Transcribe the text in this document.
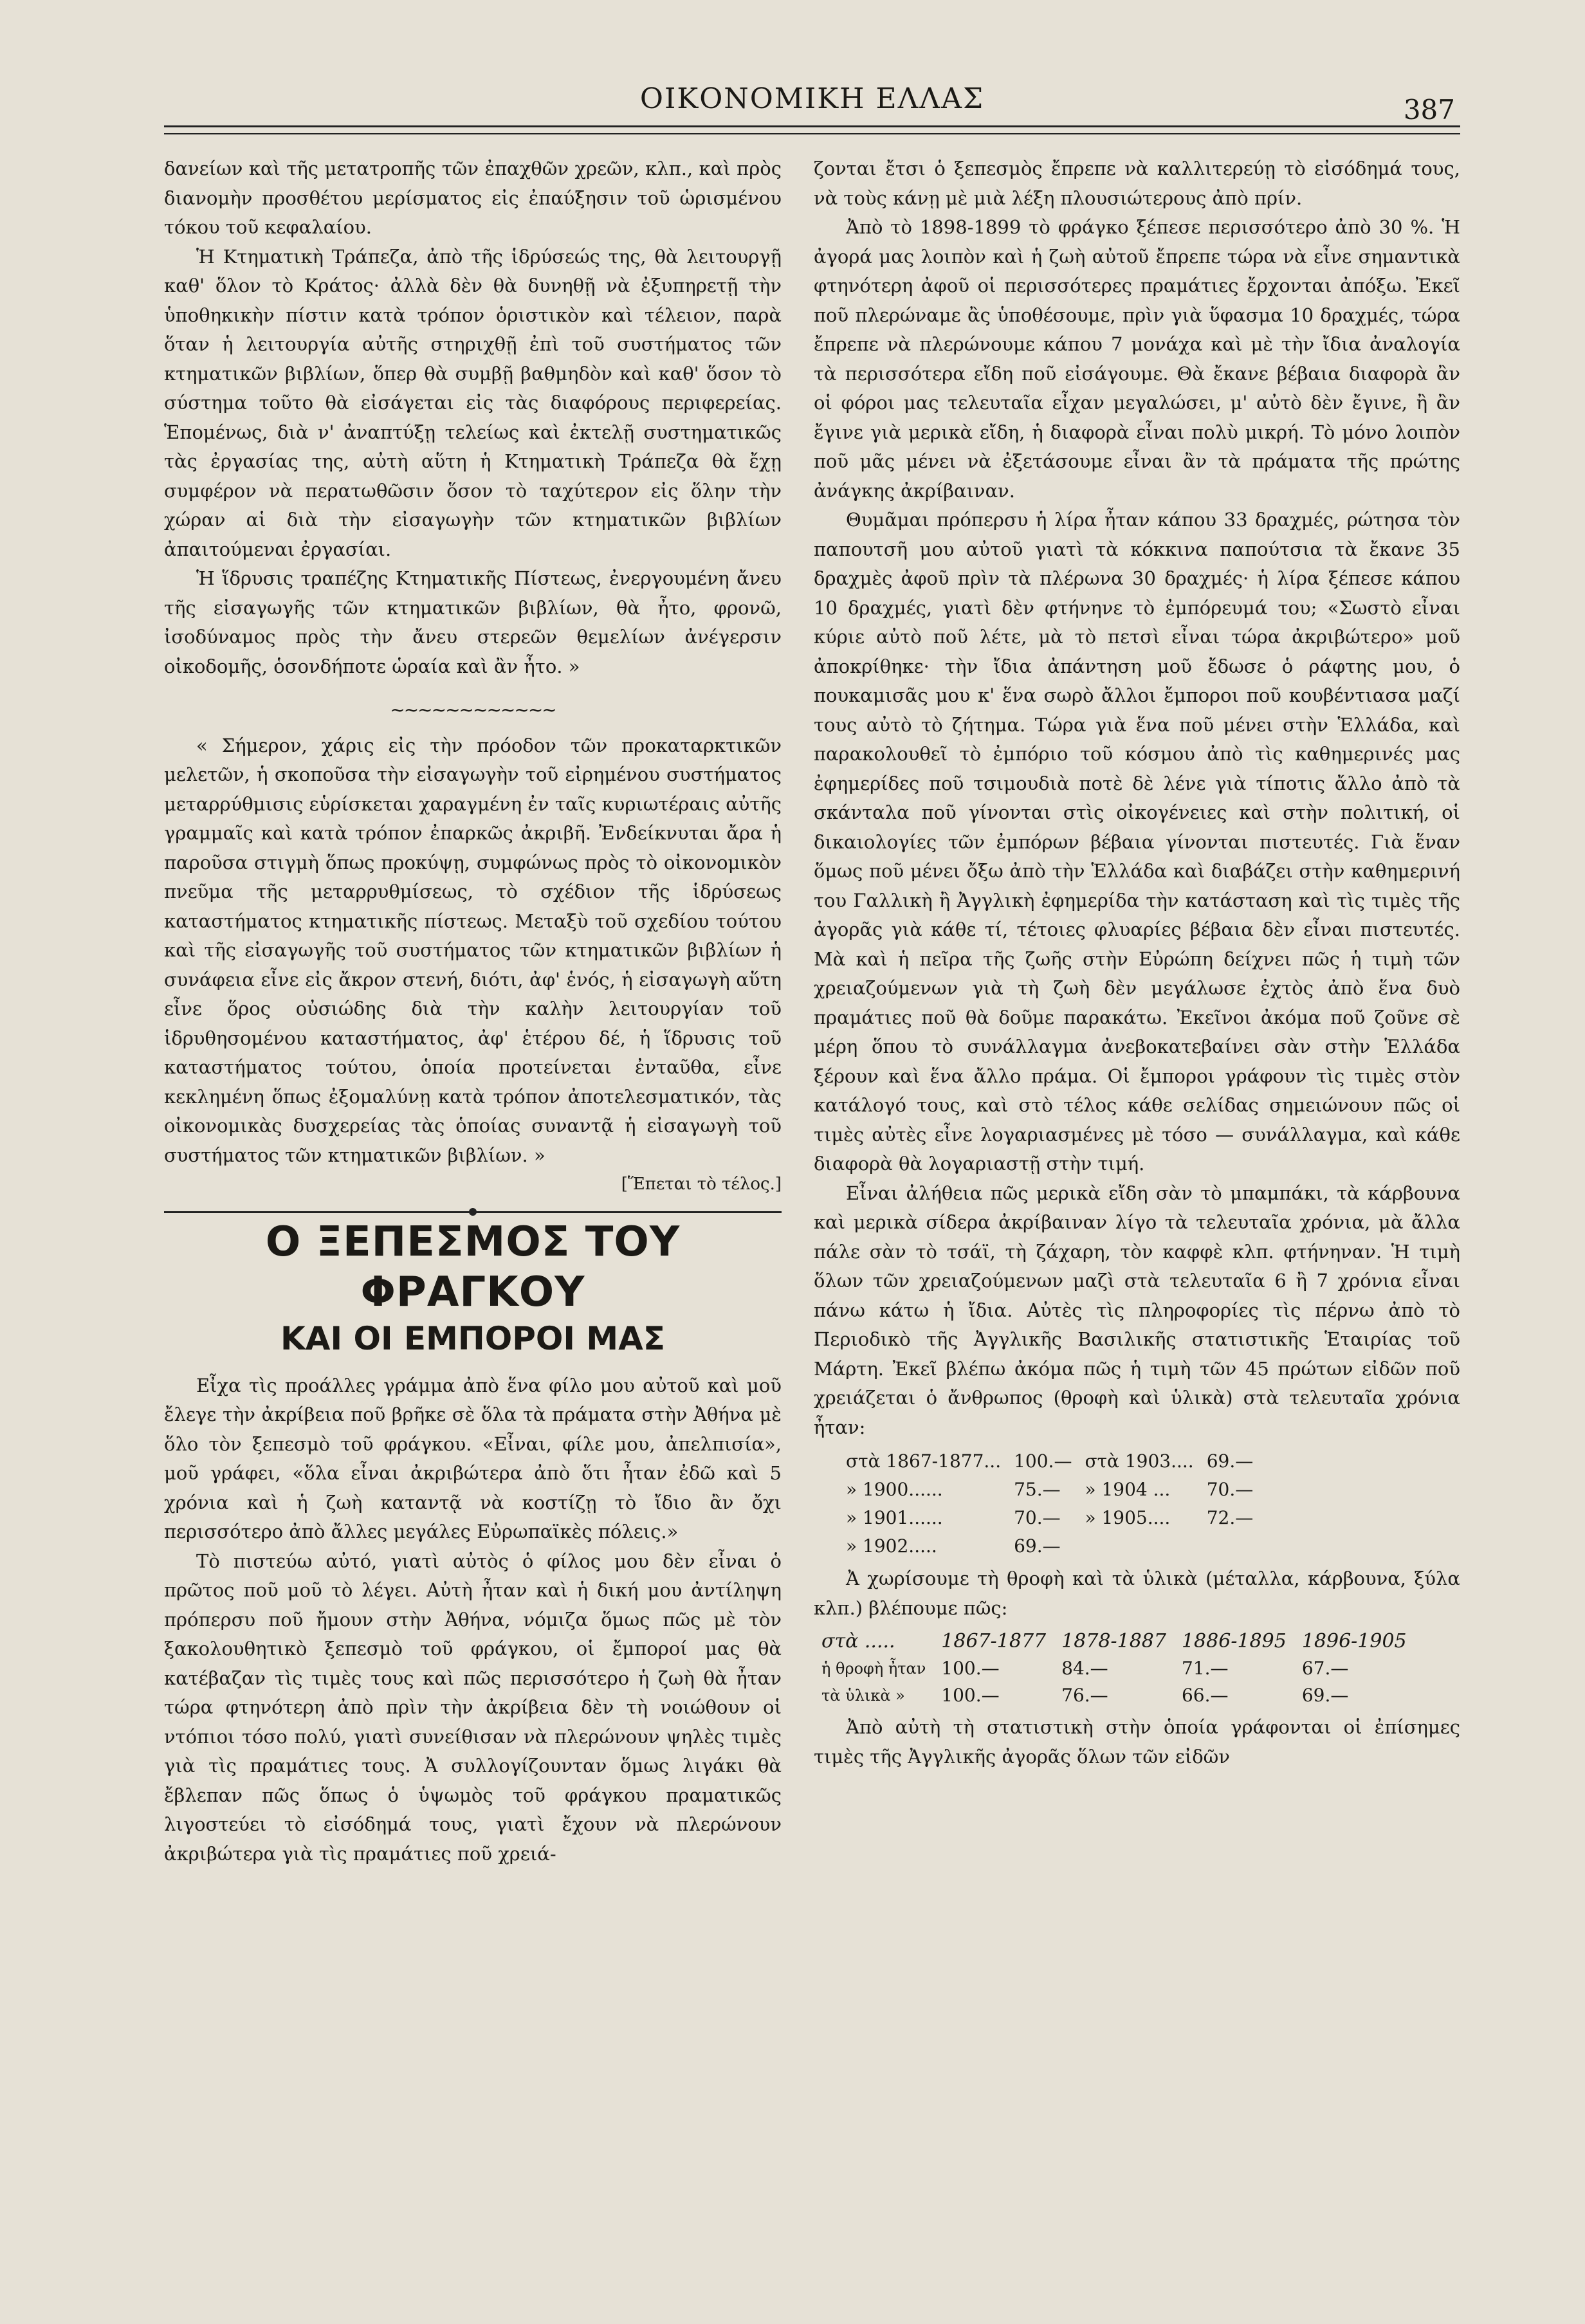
ΟΙΚΟΝΟΜΙΚΗ ΕΛΛΑΣ	387

δανείων καὶ τῆς μετατροπῆς τῶν ἐπαχθῶν χρεῶν, κλπ., καὶ πρὸς διανομὴν προσθέτου μερίσματος εἰς ἐπαύξησιν τοῦ ὡρισμένου τόκου τοῦ κεφαλαίου.

Ἡ Κτηματικὴ Τράπεζα, ἀπὸ τῆς ἱδρύσεώς της, θὰ λειτουργῇ καθ' ὅλον τὸ Κράτος· ἀλλὰ δὲν θὰ δυνηθῇ νὰ ἐξυπηρετῇ τὴν ὑποθηκικὴν πίστιν κατὰ τρόπον ὁριστικὸν καὶ τέλειον, παρὰ ὅταν ἡ λειτουργία αὐτῆς στηριχθῇ ἐπὶ τοῦ συστήματος τῶν κτηματικῶν βιβλίων, ὅπερ θὰ συμβῇ βαθμηδὸν καὶ καθ' ὅσον τὸ σύστημα τοῦτο θὰ εἰσάγεται εἰς τὰς διαφόρους περιφερείας. Ἑπομένως, διὰ ν' ἀναπτύξῃ τελείως καὶ ἐκτελῇ συστηματικῶς τὰς ἐργασίας της, αὐτὴ αὕτη ἡ Κτηματικὴ Τράπεζα θὰ ἔχῃ συμφέρον νὰ περατωθῶσιν ὅσον τὸ ταχύτερον εἰς ὅλην τὴν χώραν αἱ διὰ τὴν εἰσαγωγὴν τῶν κτηματικῶν βιβλίων ἀπαιτούμεναι ἐργασίαι.

Ἡ ἵδρυσις τραπέζης Κτηματικῆς Πίστεως, ἐνεργουμένη ἄνευ τῆς εἰσαγωγῆς τῶν κτηματικῶν βιβλίων, θὰ ἦτο, φρονῶ, ἰσοδύναμος πρὸς τὴν ἄνευ στερεῶν θεμελίων ἀνέγερσιν οἰκοδομῆς, ὁσονδήποτε ὡραία καὶ ἂν ἦτο. »

~~~~~~~~~~~~

« Σήμερον, χάρις εἰς τὴν πρόοδον τῶν προκαταρκτικῶν μελετῶν, ἡ σκοποῦσα τὴν εἰσαγωγὴν τοῦ εἰρημένου συστήματος μεταρρύθμισις εὑρίσκεται χαραγμένη ἐν ταῖς κυριωτέραις αὐτῆς γραμμαῖς καὶ κατὰ τρόπον ἐπαρκῶς ἀκριβῆ. Ἐνδείκνυται ἄρα ἡ παροῦσα στιγμὴ ὅπως προκύψῃ, συμφώνως πρὸς τὸ οἰκονομικὸν πνεῦμα τῆς μεταρρυθμίσεως, τὸ σχέδιον τῆς ἱδρύσεως καταστήματος κτηματικῆς πίστεως. Μεταξὺ τοῦ σχεδίου τούτου καὶ τῆς εἰσαγωγῆς τοῦ συστήματος τῶν κτηματικῶν βιβλίων ἡ συνάφεια εἶνε εἰς ἄκρον στενή, διότι, ἀφ' ἑνός, ἡ εἰσαγωγὴ αὕτη εἶνε ὅρος οὐσιώδης διὰ τὴν καλὴν λειτουργίαν τοῦ ἱδρυθησομένου καταστήματος, ἀφ' ἑτέρου δέ, ἡ ἵδρυσις τοῦ καταστήματος τούτου, ὁποία προτείνεται ἐνταῦθα, εἶνε κεκλημένη ὅπως ἐξομαλύνῃ κατὰ τρόπον ἀποτελεσματικόν, τὰς οἰκονομικὰς δυσχερείας τὰς ὁποίας συναντᾷ ἡ εἰσαγωγὴ τοῦ συστήματος τῶν κτηματικῶν βιβλίων. »

[Ἕπεται τὸ τέλος.]
Ο ΞΕΠΕΣΜΟΣ ΤΟΥ ΦΡΑΓΚΟΥ
ΚΑΙ ΟΙ ΕΜΠΟΡΟΙ ΜΑΣ

Εἶχα τὶς προάλλες γράμμα ἀπὸ ἕνα φίλο μου αὐτοῦ καὶ μοῦ ἔλεγε τὴν ἀκρίβεια ποῦ βρῆκε σὲ ὅλα τὰ πράματα στὴν Ἀθήνα μὲ ὅλο τὸν ξεπεσμὸ τοῦ φράγκου. «Εἶναι, φίλε μου, ἀπελπισία», μοῦ γράφει, «ὅλα εἶναι ἀκριβώτερα ἀπὸ ὅτι ἦταν ἐδῶ καὶ 5 χρόνια καὶ ἡ ζωὴ καταντᾷ νὰ κοστίζῃ τὸ ἴδιο ἂν ὄχι περισσότερο ἀπὸ ἄλλες μεγάλες Εὐρωπαϊκὲς πόλεις.»

Τὸ πιστεύω αὐτό, γιατὶ αὐτὸς ὁ φίλος μου δὲν εἶναι ὁ πρῶτος ποῦ μοῦ τὸ λέγει. Αὐτὴ ἦταν καὶ ἡ δική μου ἀντίληψη πρόπερσυ ποῦ ἤμουν στὴν Ἀθήνα, νόμιζα ὅμως πῶς μὲ τὸν ξακολουθητικὸ ξεπεσμὸ τοῦ φράγκου, οἱ ἔμποροί μας θὰ κατέβαζαν τὶς τιμὲς τους καὶ πῶς περισσότερο ἡ ζωὴ θὰ ἦταν τώρα φτηνότερη ἀπὸ πρὶν τὴν ἀκρίβεια δὲν τὴ νοιώθουν οἱ ντόπιοι τόσο πολύ, γιατὶ συνείθισαν νὰ πλερώνουν ψηλὲς τιμὲς γιὰ τὶς πραμάτιες τους. Ἀ συλλογίζουνταν ὅμως λιγάκι θὰ ἔβλεπαν πῶς ὅπως ὁ ὑψωμὸς τοῦ φράγκου πραματικῶς λιγοστεύει τὸ εἰσόδημά τους, γιατὶ ἔχουν νὰ πλερώνουν ἀκριβώτερα γιὰ τὶς πραμάτιες ποῦ χρειά-

ζονται ἔτσι ὁ ξεπεσμὸς ἔπρεπε νὰ καλλιτερεύῃ τὸ εἰσόδημά τους, νὰ τοὺς κάνῃ μὲ μιὰ λέξη πλουσιώτερους ἀπὸ πρίν.

Ἀπὸ τὸ 1898-1899 τὸ φράγκο ξέπεσε περισσότερο ἀπὸ 30 %. Ἡ ἀγορά μας λοιπὸν καὶ ἡ ζωὴ αὐτοῦ ἔπρεπε τώρα νὰ εἶνε σημαντικὰ φτηνότερη ἀφοῦ οἱ περισσότερες πραμάτιες ἔρχονται ἀπόξω. Ἐκεῖ ποῦ πλερώναμε ἂς ὑποθέσουμε, πρὶν γιὰ ὕφασμα 10 δραχμές, τώρα ἔπρεπε νὰ πλερώνουμε κάπου 7 μονάχα καὶ μὲ τὴν ἴδια ἀναλογία τὰ περισσότερα εἴδη ποῦ εἰσάγουμε. Θὰ ἔκανε βέβαια διαφορὰ ἂν οἱ φόροι μας τελευταῖα εἶχαν μεγαλώσει, μ' αὐτὸ δὲν ἔγινε, ἢ ἂν ἔγινε γιὰ μερικὰ εἴδη, ἡ διαφορὰ εἶναι πολὺ μικρή. Τὸ μόνο λοιπὸν ποῦ μᾶς μένει νὰ ἐξετάσουμε εἶναι ἂν τὰ πράματα τῆς πρώτης ἀνάγκης ἀκρίβαιναν.

Θυμᾶμαι πρόπερσυ ἡ λίρα ἦταν κάπου 33 δραχμές, ρώτησα τὸν παπουτσῆ μου αὐτοῦ γιατὶ τὰ κόκκινα παπούτσια τὰ ἔκανε 35 δραχμὲς ἀφοῦ πρὶν τὰ πλέρωνα 30 δραχμές· ἡ λίρα ξέπεσε κάπου 10 δραχμές, γιατὶ δὲν φτήνηνε τὸ ἐμπόρευμά του; «Σωστὸ εἶναι κύριε αὐτὸ ποῦ λέτε, μὰ τὸ πετσὶ εἶναι τώρα ἀκριβώτερο» μοῦ ἀποκρίθηκε· τὴν ἴδια ἀπάντηση μοῦ ἔδωσε ὁ ράφτης μου, ὁ πουκαμισᾶς μου κ' ἕνα σωρὸ ἄλλοι ἔμποροι ποῦ κουβέντιασα μαζί τους αὐτὸ τὸ ζήτημα. Τώρα γιὰ ἕνα ποῦ μένει στὴν Ἑλλάδα, καὶ παρακολουθεῖ τὸ ἐμπόριο τοῦ κόσμου ἀπὸ τὶς καθημερινές μας ἐφημερίδες ποῦ τσιμουδιὰ ποτὲ δὲ λένε γιὰ τίποτις ἄλλο ἀπὸ τὰ σκάνταλα ποῦ γίνονται στὶς οἰκογένειες καὶ στὴν πολιτική, οἱ δικαιολογίες τῶν ἐμπόρων βέβαια γίνονται πιστευτές. Γιὰ ἕναν ὅμως ποῦ μένει ὄξω ἀπὸ τὴν Ἑλλάδα καὶ διαβάζει στὴν καθημερινή του Γαλλικὴ ἢ Ἀγγλικὴ ἐφημερίδα τὴν κατάσταση καὶ τὶς τιμὲς τῆς ἀγορᾶς γιὰ κάθε τί, τέτοιες φλυαρίες βέβαια δὲν εἶναι πιστευτές. Μὰ καὶ ἡ πεῖρα τῆς ζωῆς στὴν Εὐρώπη δείχνει πῶς ἡ τιμὴ τῶν χρειαζούμενων γιὰ τὴ ζωὴ δὲν μεγάλωσε ἐχτὸς ἀπὸ ἕνα δυὸ πραμάτιες ποῦ θὰ δοῦμε παρακάτω. Ἐκεῖνοι ἀκόμα ποῦ ζοῦνε σὲ μέρη ὅπου τὸ συνάλλαγμα ἀνεβοκατεβαίνει σὰν στὴν Ἑλλάδα ξέρουν καὶ ἕνα ἄλλο πράμα. Οἱ ἔμποροι γράφουν τὶς τιμὲς στὸν κατάλογό τους, καὶ στὸ τέλος κάθε σελίδας σημειώνουν πῶς οἱ τιμὲς αὐτὲς εἶνε λογαριασμένες μὲ τόσο — συνάλλαγμα, καὶ κάθε διαφορὰ θὰ λογαριαστῇ στὴν τιμή.

Εἶναι ἀλήθεια πῶς μερικὰ εἴδη σὰν τὸ μπαμπάκι, τὰ κάρβουνα καὶ μερικὰ σίδερα ἀκρίβαιναν λίγο τὰ τελευταῖα χρόνια, μὰ ἄλλα πάλε σὰν τὸ τσάϊ, τὴ ζάχαρη, τὸν καφφὲ κλπ. φτήνηναν. Ἡ τιμὴ ὅλων τῶν χρειαζούμενων μαζὶ στὰ τελευταῖα 6 ἢ 7 χρόνια εἶναι πάνω κάτω ἡ ἴδια. Αὐτὲς τὶς πληροφορίες τὶς πέρνω ἀπὸ τὸ Περιοδικὸ τῆς Ἀγγλικῆς Βασιλικῆς στατιστικῆς Ἑταιρίας τοῦ Μάρτη. Ἐκεῖ βλέπω ἀκόμα πῶς ἡ τιμὴ τῶν 45 πρώτων εἰδῶν ποῦ χρειάζεται ὁ ἄνθρωπος (θροφὴ καὶ ὑλικὰ) στὰ τελευταῖα χρόνια ἦταν:

στὰ 1867-1877...	100.—	στὰ 1903....	69.—
» 1900......	75.—	» 1904 ...	70.—
» 1901......	70.—	» 1905....	72.—
» 1902.....	69.—		

Ἀ χωρίσουμε τὴ θροφὴ καὶ τὰ ὑλικὰ (μέταλλα, κάρβουνα, ξύλα κλπ.) βλέπουμε πῶς:

στὰ .....	1867-1877	1878-1887	1886-1895	1896-1905
ἡ θροφὴ ἦταν	100.—	84.—	71.—	67.—
τὰ ὑλικὰ »	100.—	76.—	66.—	69.—

Ἀπὸ αὐτὴ τὴ στατιστικὴ στὴν ὁποία γράφονται οἱ ἐπίσημες τιμὲς τῆς Ἀγγλικῆς ἀγορᾶς ὅλων τῶν εἰδῶν
